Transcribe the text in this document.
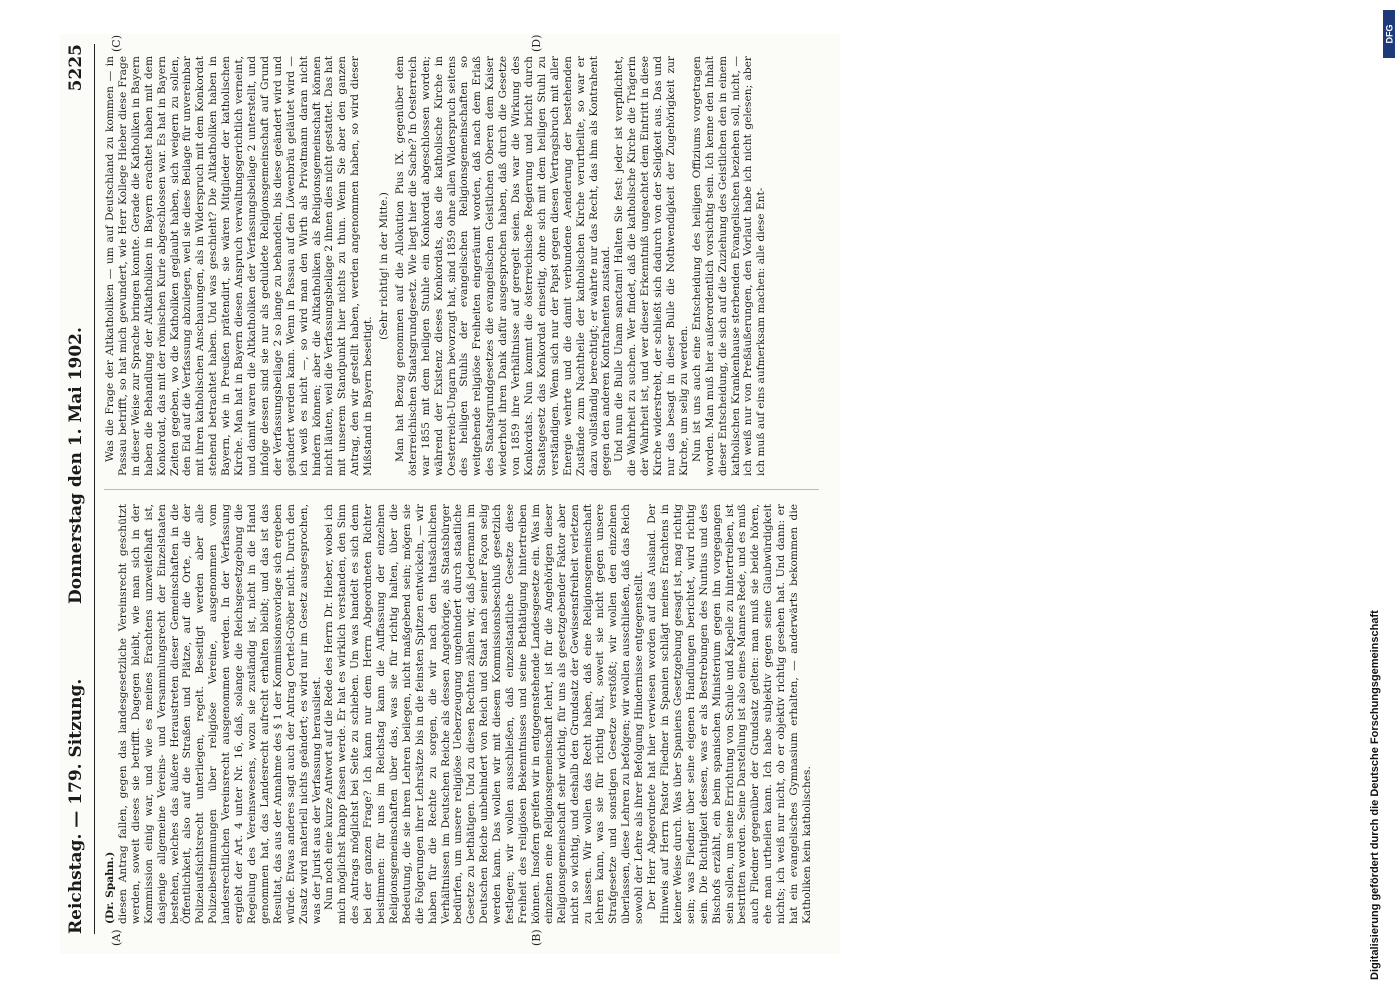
Reichstag. — 179. Sitzung.
Donnerstag den 1. Mai 1902.
5225
(A)	(B)
(C)	(D)

(Dr. Spahn.) diesen Antrag fallen, gegen das landesgesetzliche Vereinsrecht geschützt werden, soweit dieses sie betrifft. Dagegen bleibt, wie man sich in der Kommission einig war, und wie es meines Erachtens unzweifelhaft ist, dasjenige allgemeine Vereins- und Versammlungsrecht der Einzelstaaten bestehen, welches das äußere Heraustreten dieser Gemeinschaften in die Öffentlichkeit, also auf die Straßen und Plätze, auf die Orte, die der Polizeiaufsichtsrecht unterliegen, regelt. Beseitigt werden aber alle Polizeibestimmungen über religiöse Vereine, ausgenommen vom landesrechtlichen Vereinsrecht ausgenommen werden. In der Verfassung ergiebt der Art. 4 unter Nr. 16, daß, solange die Reichsgesetzgebung die Regelung des Vereinswesens, wozu sie zuständig ist, nicht in die Hand genommen hat, das Landesrecht aufrecht erhalten bleibt; und das ist das Resultat, das aus der Annahme des § 1 der Kommissionsvorlage sich ergeben würde. Etwas anderes sagt auch der Antrag Oertel-Gröber nicht. Durch den Zusatz wird materiell nichts geändert; es wird nur im Gesetz ausgesprochen, was der Jurist aus der Verfassung herausliest. Nun noch eine kurze Antwort auf die Rede des Herrn Dr. Hieber, wobei ich mich möglichst knapp fassen werde. Er hat es wirklich verstanden, den Sinn des Antrags möglichst bei Seite zu schieben. Um was handelt es sich denn bei der ganzen Frage? Ich kann nur dem Herrn Abgeordneten Richter beistimmen: für uns im Reichstag kann die Auffassung der einzelnen Religionsgemeinschaften über das, was sie für richtig halten, über die Bedeutung, die sie ihren Lehren beilegen, nicht maßgebend sein; mögen sie die Folgerungen ihrer Lehrsätze bis in die feinsten Spitzen entwickeln, — wir haben für die Rechte zu sorgen, die wir nach den thatsächlichen Verhältnissen im Deutschen Reiche als dessen Angehörige, als Staatsbürger bedürfen, um unsere religiöse Ueberzeugung ungehindert durch staatliche Gesetze zu bethätigen. Und zu diesen Rechten zählen wir, daß jedermann im Deutschen Reiche unbehindert von Reich und Staat nach seiner Façon selig werden kann. Das wollen wir mit diesem Kommissionsbeschluß gesetzlich festlegen; wir wollen ausschließen, daß einzelstaatliche Gesetze diese Freiheit des religiösen Bekenntnisses und seine Bethätigung hintertreiben können. Insofern greifen wir in entgegenstehende Landesgesetze ein. Was im einzelnen eine Religionsgemeinschaft lehrt, ist für die Angehörigen dieser Religionsgemeinschaft sehr wichtig, für uns als gesetzgebender Faktor aber nicht so wichtig, und deshalb den Grundsatz der Gewissensfreiheit verletzen zu lassen. Wir wollen das Recht haben, daß eine Religionsgemeinschaft lehren kann, was sie für richtig hält, soweit sie nicht gegen unsere Strafgesetze und sonstigen Gesetze verstößt; wir wollen den einzelnen überlassen, diese Lehren zu befolgen; wir wollen ausschließen, daß das Reich sowohl der Lehre als ihrer Befolgung Hindernisse entgegenstellt. Der Herr Abgeordnete hat hier verwiesen worden auf das Ausland. Der Hinweis auf Herrn Pastor Fliedner in Spanien schlägt meines Erachtens in keiner Weise durch. Was über Spaniens Gesetzgebung gesagt ist, mag richtig sein; was Fliedner über seine eigenen Handlungen berichtet, wird richtig sein. Die Richtigkeit dessen, was er als Bestrebungen des Nuntius und des Bischofs erzählt, ein beim spanischen Ministerium gegen ihn vorgegangen sein sollen, um seine Errichtung von Schule und Kapelle zu hintertreiben, ist bestritten worden. Seine Darstellung ist also eines Mannes Rede, und es muß auch Fliedner gegenüber der Grundsatz gelten: man muß sie beide hören, ehe man urtheilen kann. Ich habe subjektiv gegen seine Glaubwürdigkeit nichts; ich weiß nur nicht, ob er objektiv richtig gesehen hat. Und dann: er hat ein evangelisches Gymnasium erhalten, — anderwärts bekommen die Katholiken kein katholisches.

Was die Frage der Altkatholiken — um auf Deutschland zu kommen — in Passau betrifft, so hat mich gewundert, wie Herr Kollege Hieber diese Frage in dieser Weise zur Sprache bringen konnte. Gerade die Katholiken in Bayern haben die Behandlung der Altkatholiken in Bayern erachtet haben mit dem Konkordat, das mit der römischen Kurie abgeschlossen war. Es hat in Bayern Zeiten gegeben, wo die Katholiken geglaubt haben, sich weigern zu sollen, den Eid auf die Verfassung abzulegen, weil sie diese Beilage für unvereinbar mit ihren katholischen Anschauungen, als in Widerspruch mit dem Konkordat stehend betrachtet haben. Und was geschieht? Die Altkatholiken haben in Bayern, wie in Preußen prätendirt, sie wären Mitglieder der katholischen Kirche. Man hat in Bayern diesen Anspruch verwaltungsgerichtlich verneint, und damit waren die Altkatholiken der Verfassungsbeilage 2 unterstellt, und infolge dessen sind sie nur als geduldete Religionsgemeinschaft auf Grund der Verfassungsbeilage 2 so lange zu behandeln, bis diese geändert wird und geändert werden kann. Wenn in Passau auf den Löwenbräu geläutet wird — ich weiß es nicht —, so wird man den Wirth als Privatmann daran nicht hindern können; aber die Altkatholiken als Religionsgemeinschaft können nicht läuten, weil die Verfassungsbeilage 2 ihnen dies nicht gestattet. Das hat mit unserem Standpunkt hier nichts zu thun. Wenn Sie aber den ganzen Antrag, den wir gestellt haben, werden angenommen haben, so wird dieser Mißstand in Bayern beseitigt.

(Sehr richtig! in der Mitte.) Man hat Bezug genommen auf die Allokution Pius IX. gegenüber dem österreichischen Staatsgrundgesetz. Wie liegt hier die Sache? In Oesterreich war 1855 mit dem heiligen Stuhle ein Konkordat abgeschlossen worden; während der Existenz dieses Konkordats, das die katholische Kirche in Oesterreich-Ungarn bevorzugt hat, sind 1859 ohne allen Widerspruch seitens des heiligen Stuhls der evangelischen Religionsgemeinschaften so weitgehende religiöse Freiheiten eingeräumt worden, daß nach dem Erlaß des Staatsgrundgesetzes die evangelischen Geistlichen Oberen dem Kaiser wiederholt ihren Dank dafür ausgesprochen haben, daß durch die Gesetze von 1859 ihre Verhältnisse auf geregelt seien. Das war die Wirkung des Konkordats. Nun kommt die österreichische Regierung und bricht durch Staatsgesetz das Konkordat einseitig, ohne sich mit dem heiligen Stuhl zu verständigen. Wenn sich nur der Papst gegen diesen Vertragsbruch mit aller Energie wehrte und die damit verbundene Aenderung der bestehenden Zustände zum Nachtheile der katholischen Kirche verurtheilte, so war er dazu vollständig berechtigt; er wahrte nur das Recht, das ihm als Kontrahent gegen den anderen Kontrahenten zustand. Und nun die Bulle Unam sanctam! Halten Sie fest: jeder ist verpflichtet, die Wahrheit zu suchen. Wer findet, daß die katholische Kirche die Trägerin der Wahrheit ist, und wer dieser Erkenntniß ungeachtet dem Eintritt in diese Kirche widerstrebt, der schließt sich dadurch von der Seligkeit aus. Das und nur das besagt in dieser Bulle die Nothwendigkeit der Zugehörigkeit zur Kirche, um selig zu werden. Nun ist uns auch eine Entscheidung des heiligen Offiziums vorgetragen worden. Man muß hier außerordentlich vorsichtig sein. Ich kenne den Inhalt dieser Entscheidung, die sich auf die Zuziehung des Geistlichen den in einem katholischen Krankenhause sterbenden Evangelischen beziehen soll, nicht, — ich weiß nur von Preßäußerungen, den Vorlaut habe ich nicht gelesen; aber ich muß auf eins aufmerksam machen: alle diese Ent-

DFG
Digitalisierung gefördert durch die Deutsche Forschungsgemeinschaft
